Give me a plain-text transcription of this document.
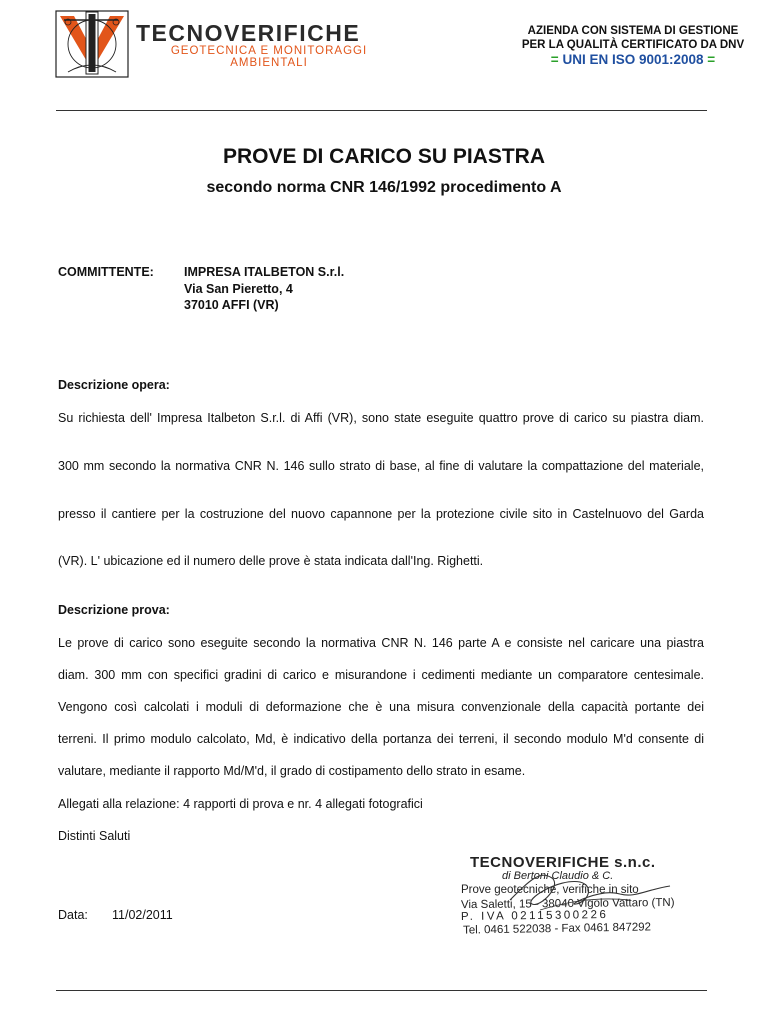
TECNOVERIFICHE
GEOTECNICA E MONITORAGGI
AMBIENTALI
AZIENDA CON SISTEMA DI GESTIONE
PER LA QUALITÀ CERTIFICATO DA DNV
= UNI EN ISO 9001:2008 =
PROVE DI CARICO SU PIASTRA
secondo norma CNR 146/1992 procedimento A
COMMITTENTE: IMPRESA ITALBETON S.r.l.
Via San Pieretto, 4
37010 AFFI (VR)
Descrizione opera:
Su richiesta dell' Impresa Italbeton S.r.l. di Affi (VR), sono state eseguite quattro prove di carico su piastra diam.
300 mm secondo la normativa CNR N. 146 sullo strato di base, al fine di valutare la compattazione del materiale,
presso il cantiere per la costruzione del nuovo capannone per la protezione civile sito in Castelnuovo del Garda
(VR). L' ubicazione ed il numero delle prove è stata indicata dall'Ing. Righetti.
Descrizione prova:
Le prove di carico sono eseguite secondo la normativa CNR N. 146 parte A e consiste nel caricare una piastra
diam. 300 mm con specifici gradini di carico e misurandone i cedimenti mediante un comparatore centesimale.
Vengono così calcolati i moduli di deformazione che è una misura convenzionale della capacità portante dei
terreni. Il primo modulo calcolato, Md, è indicativo della portanza dei terreni, il secondo modulo M'd consente di
valutare, mediante il rapporto Md/M'd, il grado di costipamento dello strato in esame.
Allegati alla relazione: 4 rapporti di prova e nr. 4 allegati fotografici
Distinti Saluti
Data: 11/02/2011
TECNOVERIFICHE s.n.c.
di Bertoni Claudio & C.
Prove geotecniche, verifiche in sito
Via Saletti, 15 - 38040 Vigolo Vattaro (TN)
P. IVA 02115300226
Tel. 0461 522038 - Fax 0461 847292
